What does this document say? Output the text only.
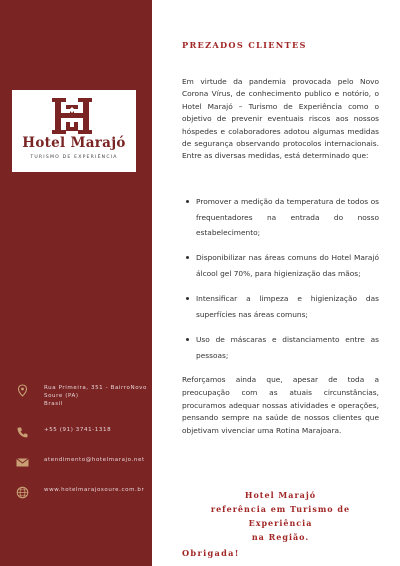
Hotel Marajó
TURISMO DE EXPERIÊNCIA
Rua Primeira, 351 - BairroNovo
Soure (PA)
Brasil
+55 (91) 3741-1318
atendimento@hotelmarajo.net
www.hotelmarajosoure.com.br
PREZADOS CLIENTES

Em virtude da pandemia provocada pelo Novo Corona Vírus, de conhecimento publico e notório, o Hotel Marajó – Turismo de Experiência como o objetivo de prevenir eventuais riscos aos nossos hóspedes e colaboradores adotou algumas medidas de segurança observando protocolos internacionais. Entre as diversas medidas, está determinado que:

Promover a medição da temperatura de todos os frequentadores na entrada do nosso estabelecimento;
Disponibilizar nas áreas comuns do Hotel Marajó álcool gel 70%, para higienização das mãos;
Intensificar a limpeza e higienização das superfícies nas áreas comuns;
Uso de máscaras e distanciamento entre as pessoas;

Reforçamos ainda que, apesar de toda a preocupação com as atuais circunstâncias, procuramos adequar nossas atividades e operações, pensando sempre na saúde de nossos clientes que objetivam vivenciar uma Rotina Marajoara.

Hotel Marajó
referência em Turismo de Experiência
na Região.
Obrigada!
